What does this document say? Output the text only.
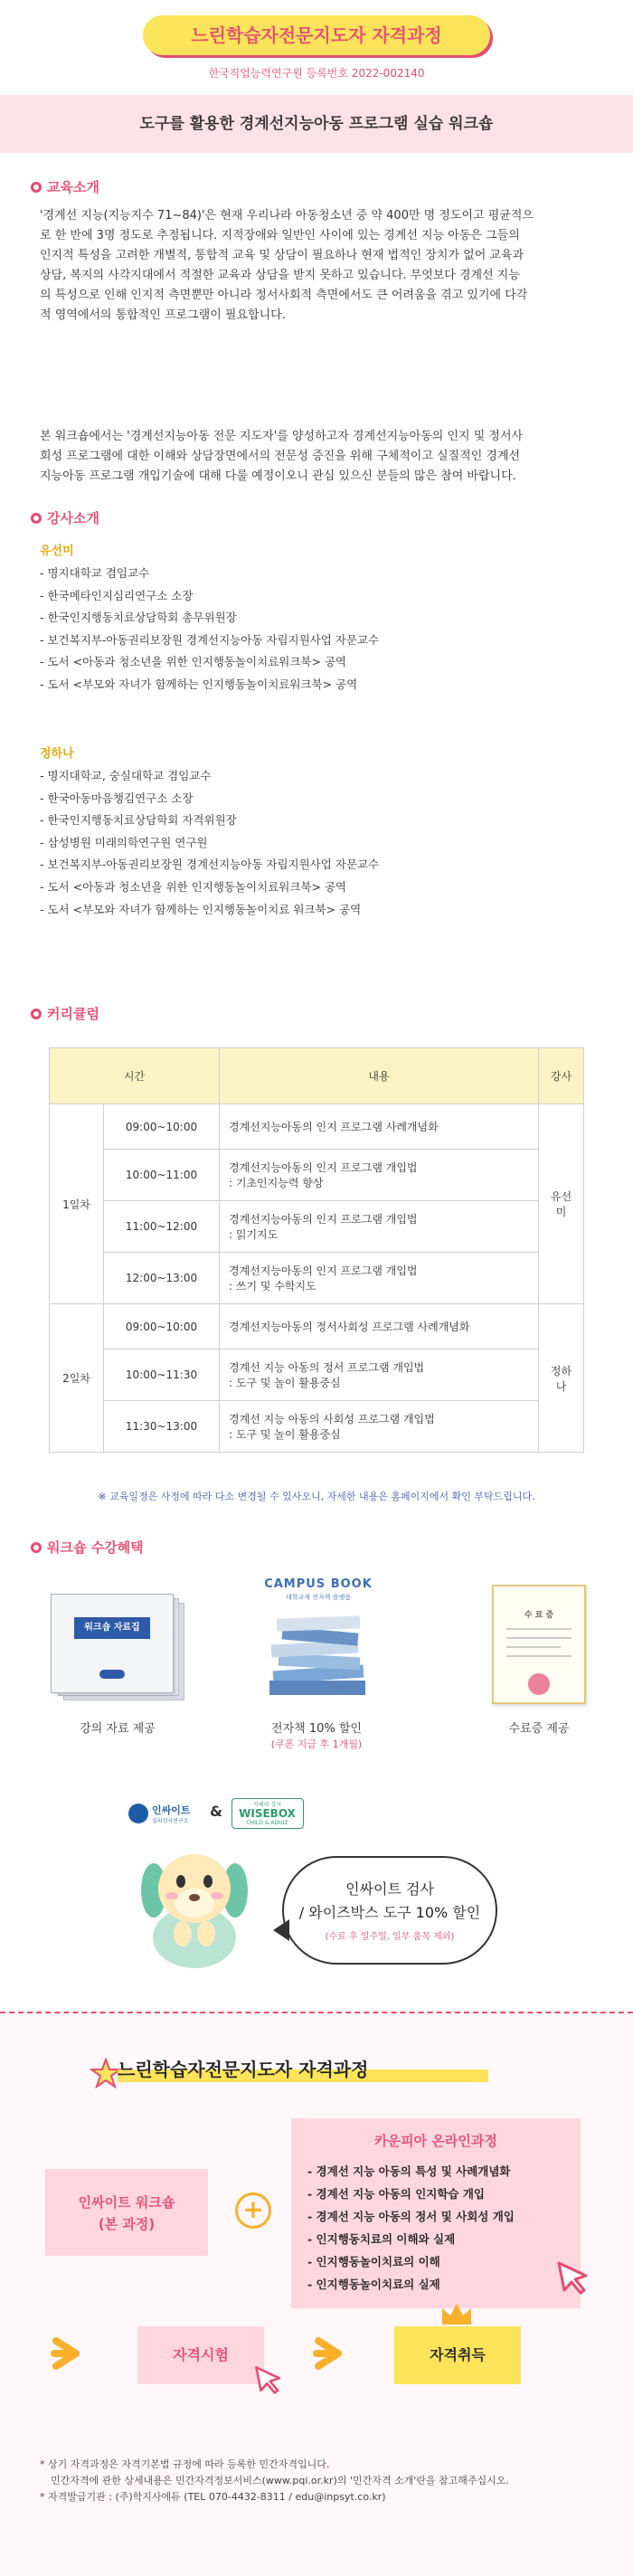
느린학습자전문지도자 자격과정
한국직업능력연구원 등록번호 2022-002140
도구를 활용한 경계선지능아동 프로그램 실습 워크숍
교육소개
'경계선 지능(지능지수 71~84)'은 현재 우리나라 아동청소년 중 약 400만 명 정도이고 평균적으
로 한 반에 3명 정도로 추정됩니다. 지적장애와 일반인 사이에 있는 경계선 지능 아동은 그들의
인지적 특성을 고려한 개별적, 통합적 교육 및 상담이 필요하나 현재 법적인 장치가 없어 교육과
상담, 복지의 사각지대에서 적절한 교육과 상담을 받지 못하고 있습니다. 무엇보다 경계선 지능
의 특성으로 인해 인지적 측면뿐만 아니라 정서사회적 측면에서도 큰 어려움을 겪고 있기에 다각
적 영역에서의 통합적인 프로그램이 필요합니다.
본 워크숍에서는 '경계선지능아동 전문 지도자'를 양성하고자 경계선지능아동의 인지 및 정서사
회성 프로그램에 대한 이해와 상담장면에서의 전문성 증진을 위해 구체적이고 실질적인 경계선
지능아동 프로그램 개입기술에 대해 다룰 예정이오니 관심 있으신 분들의 많은 참여 바랍니다.
강사소개
유선미
- 명지대학교 겸임교수
- 한국메타인지심리연구소 소장
- 한국인지행동치료상담학회 총무위원장
- 보건복지부-아동권리보장원 경계선지능아동 자립지원사업 자문교수
- 도서 <아동과 청소년을 위한 인지행동놀이치료워크북> 공역
- 도서 <부모와 자녀가 함께하는 인지행동놀이치료워크북> 공역
정하나
- 명지대학교, 숭실대학교 겸임교수
- 한국아동마음챙김연구소 소장
- 한국인지행동치료상담학회 자격위원장
- 삼성병원 미래의학연구원 연구원
- 보건복지부-아동권리보장원 경계선지능아동 자립지원사업 자문교수
- 도서 <아동과 청소년을 위한 인지행동놀이치료워크북> 공역
- 도서 <부모와 자녀가 함께하는 인지행동놀이치료 워크북> 공역
커리큘럼
시간		내용	강사
1일차	09:00~10:00	경계선지능아동의 인지 프로그램 사례개념화	유선미
	10:00~11:00	경계선지능아동의 인지 프로그램 개입법
: 기초인지능력 향상	

	11:00~12:00	경계선지능아동의 인지 프로그램 개입법
: 읽기지도	

	12:00~13:00	경계선지능아동의 인지 프로그램 개입법
: 쓰기 및 수학지도	

2일차	09:00~10:00	경계선지능아동의 정서사회성 프로그램 사례개념화	정하나
	10:00~11:30	경계선 지능 아동의 정서 프로그램 개입법
: 도구 및 놀이 활용중심	

	11:30~13:00	경계선 지능 아동의 사회성 프로그램 개입법
: 도구 및 놀이 활용중심	
※ 교육일정은 사정에 따라 다소 변경될 수 있사오니, 자세한 내용은 홈페이지에서 확인 부탁드립니다.
워크숍 수강혜택
워크숍 자료집
CAMPUS BOOK
대학교재 전자책 플랫폼
수 료 증
강의 자료 제공	전자책 10% 할인
(쿠폰 지급 후 1개월)
수료증 제공
인싸이트
심리검사연구소
&	지혜의 상자
WISEBOX
CHILD & ADULT
인싸이트 검사
/ 와이즈박스 도구 10% 할인
(수료 후 일주일, 일부 품목 제외)
느린학습자전문지도자 자격과정
인싸이트 워크숍
(본 과정)	+
카운피아 온라인과정
- 경계선 지능 아동의 특성 및 사례개념화
- 경계선 지능 아동의 인지학습 개입
- 경계선 지능 아동의 정서 및 사회성 개입
- 인지행동치료의 이해와 실제
- 인지행동놀이치료의 이해
- 인지행동놀이치료의 실제
자격시험	자격취득
* 상기 자격과정은 자격기본법 규정에 따라 등록한 민간자격입니다.
민간자격에 관한 상세내용은 민간자격정보서비스(www.pqi.or.kr)의 '민간자격 소개'란을 참고해주십시오.
* 자격발급기관 : (주)학지사에듀 (TEL 070-4432-8311 / edu@inpsyt.co.kr)
